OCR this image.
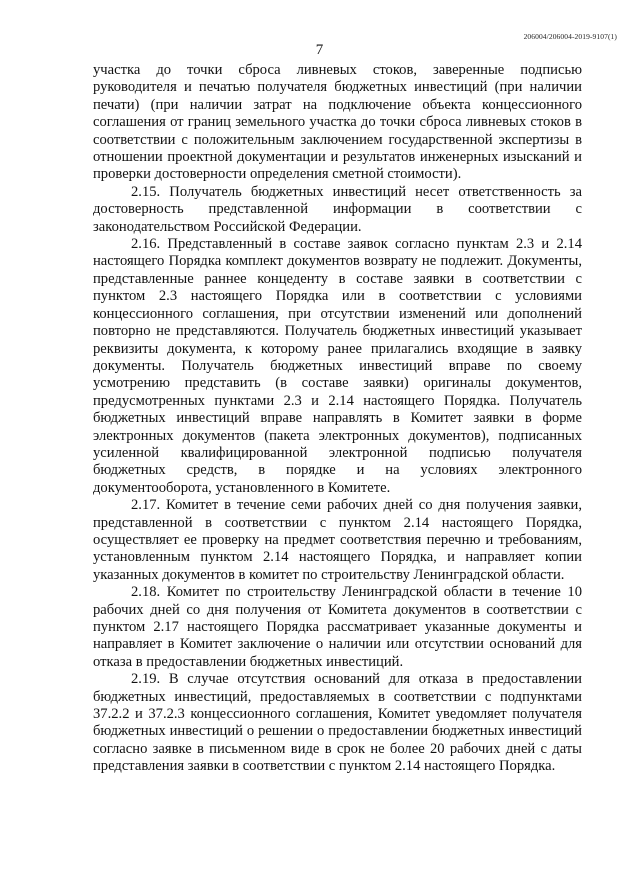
206004/206004-2019-9107(1)
7

участка до точки сброса ливневых стоков, заверенные подписью руководителя и печатью получателя бюджетных инвестиций (при наличии печати) (при наличии затрат на подключение объекта концессионного соглашения от границ земельного участка до точки сброса ливневых стоков в соответствии с положительным заключением государственной экспертизы в отношении проектной документации и результатов инженерных изысканий и проверки достоверности определения сметной стоимости).

2.15. Получатель бюджетных инвестиций несет ответственность за достоверность представленной информации в соответствии с законодательством Российской Федерации.

2.16. Представленный в составе заявок согласно пунктам 2.3 и 2.14 настоящего Порядка комплект документов возврату не подлежит. Документы, представленные раннее концеденту в составе заявки в соответствии с пунктом 2.3 настоящего Порядка или в соответствии с условиями концессионного соглашения, при отсутствии изменений или дополнений повторно не представляются. Получатель бюджетных инвестиций указывает реквизиты документа, к которому ранее прилагались входящие в заявку документы. Получатель бюджетных инвестиций вправе по своему усмотрению представить (в составе заявки) оригиналы документов, предусмотренных пунктами 2.3 и 2.14 настоящего Порядка. Получатель бюджетных инвестиций вправе направлять в Комитет заявки в форме электронных документов (пакета электронных документов), подписанных усиленной квалифицированной электронной подписью получателя бюджетных средств, в порядке и на условиях электронного документооборота, установленного в Комитете.

2.17. Комитет в течение семи рабочих дней со дня получения заявки, представленной в соответствии с пунктом 2.14 настоящего Порядка, осуществляет ее проверку на предмет соответствия перечню и требованиям, установленным пунктом 2.14 настоящего Порядка, и направляет копии указанных документов в комитет по строительству Ленинградской области.

2.18. Комитет по строительству Ленинградской области в течение 10 рабочих дней со дня получения от Комитета документов в соответствии с пунктом 2.17 настоящего Порядка рассматривает указанные документы и направляет в Комитет заключение о наличии или отсутствии оснований для отказа в предоставлении бюджетных инвестиций.

2.19. В случае отсутствия оснований для отказа в предоставлении бюджетных инвестиций, предоставляемых в соответствии с подпунктами 37.2.2 и 37.2.3 концессионного соглашения, Комитет уведомляет получателя бюджетных инвестиций о решении о предоставлении бюджетных инвестиций согласно заявке в письменном виде в срок не более 20 рабочих дней с даты представления заявки в соответствии с пунктом 2.14 настоящего Порядка.
